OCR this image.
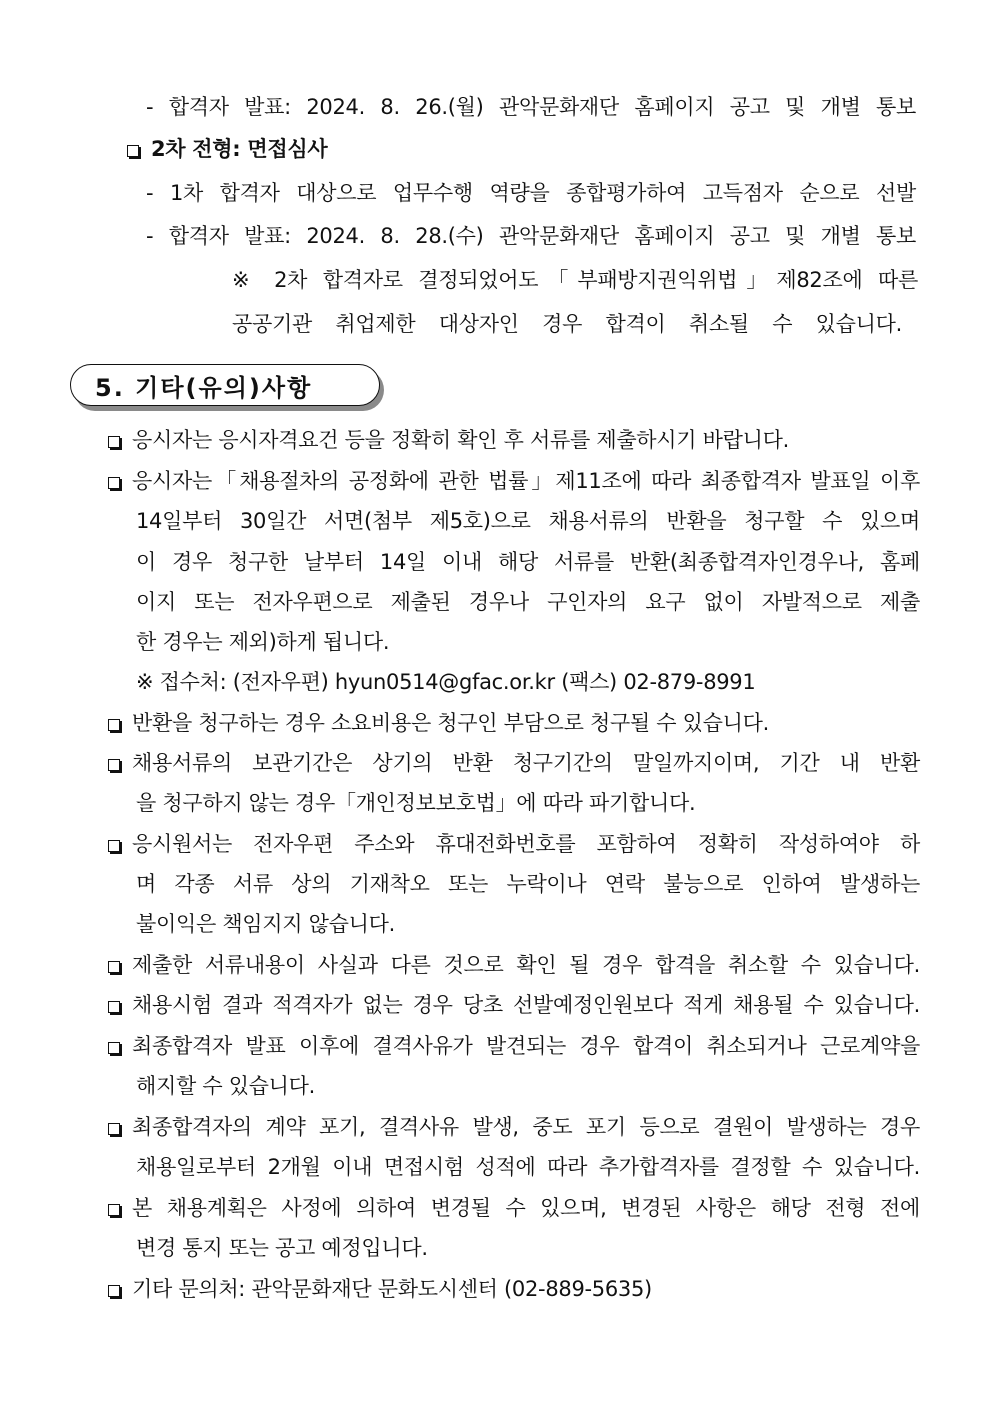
- 합격자 발표: 2024. 8. 26.(월) 관악문화재단 홈페이지 공고 및 개별 통보
2차 전형: 면접심사
- 1차 합격자 대상으로 업무수행 역량을 종합평가하여 고득점자 순으로 선발
- 합격자 발표: 2024. 8. 28.(수) 관악문화재단 홈페이지 공고 및 개별 통보
※ 2차 합격자로 결정되었어도「부패방지권익위법」제82조에 따른
공공기관 취업제한 대상자인 경우 합격이 취소될 수 있습니다.
5. 기타(유의)사항
응시자는 응시자격요건 등을 정확히 확인 후 서류를 제출하시기 바랍니다.
응시자는「채용절차의 공정화에 관한 법률」제11조에 따라 최종합격자 발표일 이후
14일부터 30일간 서면(첨부 제5호)으로 채용서류의 반환을 청구할 수 있으며
이 경우 청구한 날부터 14일 이내 해당 서류를 반환(최종합격자인경우나, 홈페
이지 또는 전자우편으로 제출된 경우나 구인자의 요구 없이 자발적으로 제출
한 경우는 제외)하게 됩니다.
※ 접수처: (전자우편) hyun0514@gfac.or.kr (팩스) 02-879-8991
반환을 청구하는 경우 소요비용은 청구인 부담으로 청구될 수 있습니다.
채용서류의 보관기간은 상기의 반환 청구기간의 말일까지이며, 기간 내 반환
을 청구하지 않는 경우「개인정보보호법」에 따라 파기합니다.
응시원서는 전자우편 주소와 휴대전화번호를 포함하여 정확히 작성하여야 하
며 각종 서류 상의 기재착오 또는 누락이나 연락 불능으로 인하여 발생하는
불이익은 책임지지 않습니다.
제출한 서류내용이 사실과 다른 것으로 확인 될 경우 합격을 취소할 수 있습니다.
채용시험 결과 적격자가 없는 경우 당초 선발예정인원보다 적게 채용될 수 있습니다.
최종합격자 발표 이후에 결격사유가 발견되는 경우 합격이 취소되거나 근로계약을
해지할 수 있습니다.
최종합격자의 계약 포기, 결격사유 발생, 중도 포기 등으로 결원이 발생하는 경우
채용일로부터 2개월 이내 면접시험 성적에 따라 추가합격자를 결정할 수 있습니다.
본 채용계획은 사정에 의하여 변경될 수 있으며, 변경된 사항은 해당 전형 전에
변경 통지 또는 공고 예정입니다.
기타 문의처: 관악문화재단 문화도시센터 (02-889-5635)
